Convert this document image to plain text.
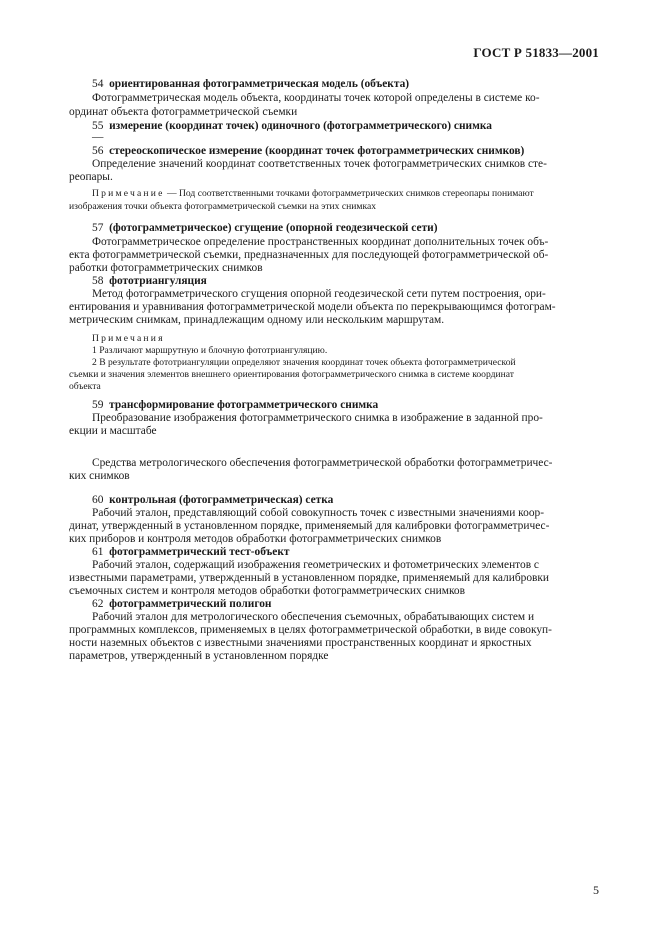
ГОСТ Р 51833—2001
54 ориентированная фотограмметрическая модель (объекта)
Фотограмметрическая модель объекта, координаты точек которой определены в системе ко-
ординат объекта фотограмметрической съемки
55 измерение (координат точек) одиночного (фотограмметрического) снимка
—
56 стереоскопическое измерение (координат точек фотограмметрических снимков)
Определение значений координат соответственных точек фотограмметрических снимков сте-
реопары.
Примечание — Под соответственными точками фотограмметрических снимков стереопары понимают
изображения точки объекта фотограмметрической съемки на этих снимках
57 (фотограмметрическое) сгущение (опорной геодезической сети)
Фотограмметрическое определение пространственных координат дополнительных точек объ-
екта фотограмметрической съемки, предназначенных для последующей фотограмметрической об-
работки фотограмметрических снимков
58 фототриангуляция
Метод фотограмметрического сгущения опорной геодезической сети путем построения, ори-
ентирования и уравнивания фотограмметрической модели объекта по перекрывающимся фотограм-
метрическим снимкам, принадлежащим одному или нескольким маршрутам.
Примечания
1 Различают маршрутную и блочную фототриангуляцию.
2 В результате фототриангуляции определяют значения координат точек объекта фотограмметрической
съемки и значения элементов внешнего ориентирования фотограмметрического снимка в системе координат
объекта
59 трансформирование фотограмметрического снимка
Преобразование изображения фотограмметрического снимка в изображение в заданной про-
екции и масштабе
Средства метрологического обеспечения фотограмметрической обработки фотограмметричес-
ких снимков
60 контрольная (фотограмметрическая) сетка
Рабочий эталон, представляющий собой совокупность точек с известными значениями коор-
динат, утвержденный в установленном порядке, применяемый для калибровки фотограмметричес-
ких приборов и контроля методов обработки фотограмметрических снимков
61 фотограмметрический тест-объект
Рабочий эталон, содержащий изображения геометрических и фотометрических элементов с
известными параметрами, утвержденный в установленном порядке, применяемый для калибровки
съемочных систем и контроля методов обработки фотограмметрических снимков
62 фотограмметрический полигон
Рабочий эталон для метрологического обеспечения съемочных, обрабатывающих систем и
программных комплексов, применяемых в целях фотограмметрической обработки, в виде совокуп-
ности наземных объектов с известными значениями пространственных координат и яркостных
параметров, утвержденный в установленном порядке
5
